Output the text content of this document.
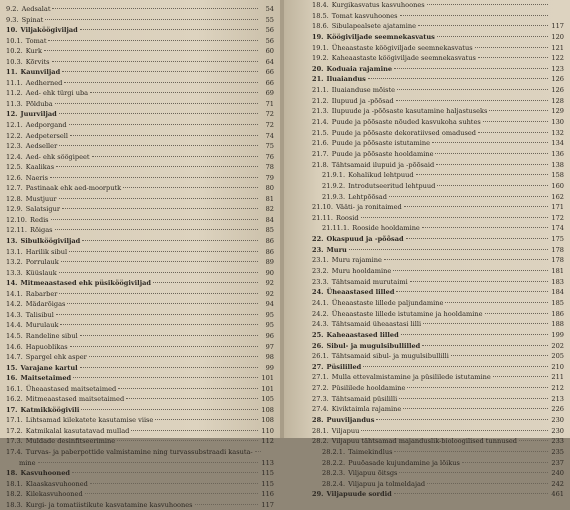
9.2. Aedsalat	54
9.3. Spinat	55
10. Viljaköögiviljad	56
10.1. Tomat	56
10.2. Kurk	60
10.3. Kõrvits	64
11. Kaunviljad	66
11.1. Aedherned	66
11.2. Aed- ehk türgi uba	69
11.3. Põlduba	71
12. Juurviljad	72
12.1. Aedporgand	72
12.2. Aedpetersell	74
12.3. Aedseller	75
12.4. Aed- ehk söögipeet	76
12.5. Kaalikas	78
12.6. Naeris	79
12.7. Pastinaak ehk aed-moorputk	80
12.8. Mustjuur	81
12.9. Salatsigur	82
12.10. Redis	84
12.11. Rõigas	85
13. Sibulköögiviljad	86
13.1. Harilik sibul	86
13.2. Porrulauk	89
13.3. Küüslauk	90
14. Mitmeaastased ehk püsiköögiviljad	92
14.1. Rabarber	92
14.2. Mädarõigas	94
14.3. Talisibul	95
14.4. Murulauk	95
14.5. Randeline sibul	96
14.6. Hapuoblikas	97
14.7. Spargel ehk asper	98
15. Varajane kartul	99
16. Maitsetaimed	101
16.1. Üheaastased maitsetaimed	101
16.2. Mitmeaastased maitsetaimed	105
17. Katmikköögivili	108
17.1. Lihtsamad kilekatete kasutamise viise	108
17.2. Katmikalal kasutatavad mullad	110
17.3. Muldade desinfitseerimine	112
17.4. Turvas- ja paberpottide valmistamine ning turvassubstraadi kasuta-
mine	113
18. Kasvuhooned	115
18.1. Klaaskasvuhooned	115
18.2. Kilekasvuhooned	116
18.3. Kurgi- ja tomatiistikute kasvatamine kasvuhoones	117
18.4. Kurgikasvatus kasvuhoones
18.5. Tomat kasvuhoones
18.6. Sibulapealsete ajatamine	117
19. Köögiviljade seemnekasvatus	120
19.1. Üheaastaste köögiviljade seemnekasvatus	121
19.2. Kaheaastaste köögiviljade seemnekasvatus	122
20. Koduaia rajamine	123
21. Iluaiandus	126
21.1. Iluaianduse mõiste	126
21.2. Ilupuud ja -põõsad	128
21.3. Ilupuude ja -põõsaste kasutamine haljastuseks	129
21.4. Puude ja põõsaste nõuded kasvukoha suhtes	130
21.5. Puude ja põõsaste dekoratiivsed omadused	132
21.6. Puude ja põõsaste istutamine	134
21.7. Puude ja põõsaste hooldamine	136
21.8. Tähtsamaid ilupuid ja -põõsaid	138
21.9.1. Kohalikud lehtpuud	158
21.9.2. Introdutseeritud lehtpuud	160
21.9.3. Lehtpõõsad	162
21.10. Vääti- ja ronitaimed	171
21.11. Roosid	172
21.11.1. Rooside hooldamine	174
22. Okaspuud ja -põõsad	175
23. Muru	178
23.1. Muru rajamine	178
23.2. Muru hooldamine	181
23.3. Tähtsamaid murutaimi	183
24. Üheaastased lilled	184
24.1. Üheaastaste lillede paljundamine	185
24.2. Üheaastaste lillede istutamine ja hooldamine	186
24.3. Tähtsamaid üheaastasi lilli	188
25. Kaheaastased lilled	199
26. Sibul- ja mugulsibullilled	202
26.1. Tähtsamaid sibul- ja mugulsibullilli	205
27. Püsililled	210
27.1. Mulla ettevalmistamine ja püsililede istutamine	211
27.2. Püsililede hooldamine	212
27.3. Tähtsamaid püsililli	213
27.4. Kiviktaimla rajamine	226
28. Puuviljandus	230
28.1. Viljapuu	230
28.2. Viljapuu tähtsamad majanduslik-bioloogilised tunnused	233
28.2.1. Taimekindlus	235
28.2.2. Puuõasade kujundamine ja lõikus	237
28.2.3. Viljapuu õitsgs	240
28.2.4. Viljapuu ja tolmeldajad	242
29. Viljapuude sordid	461
